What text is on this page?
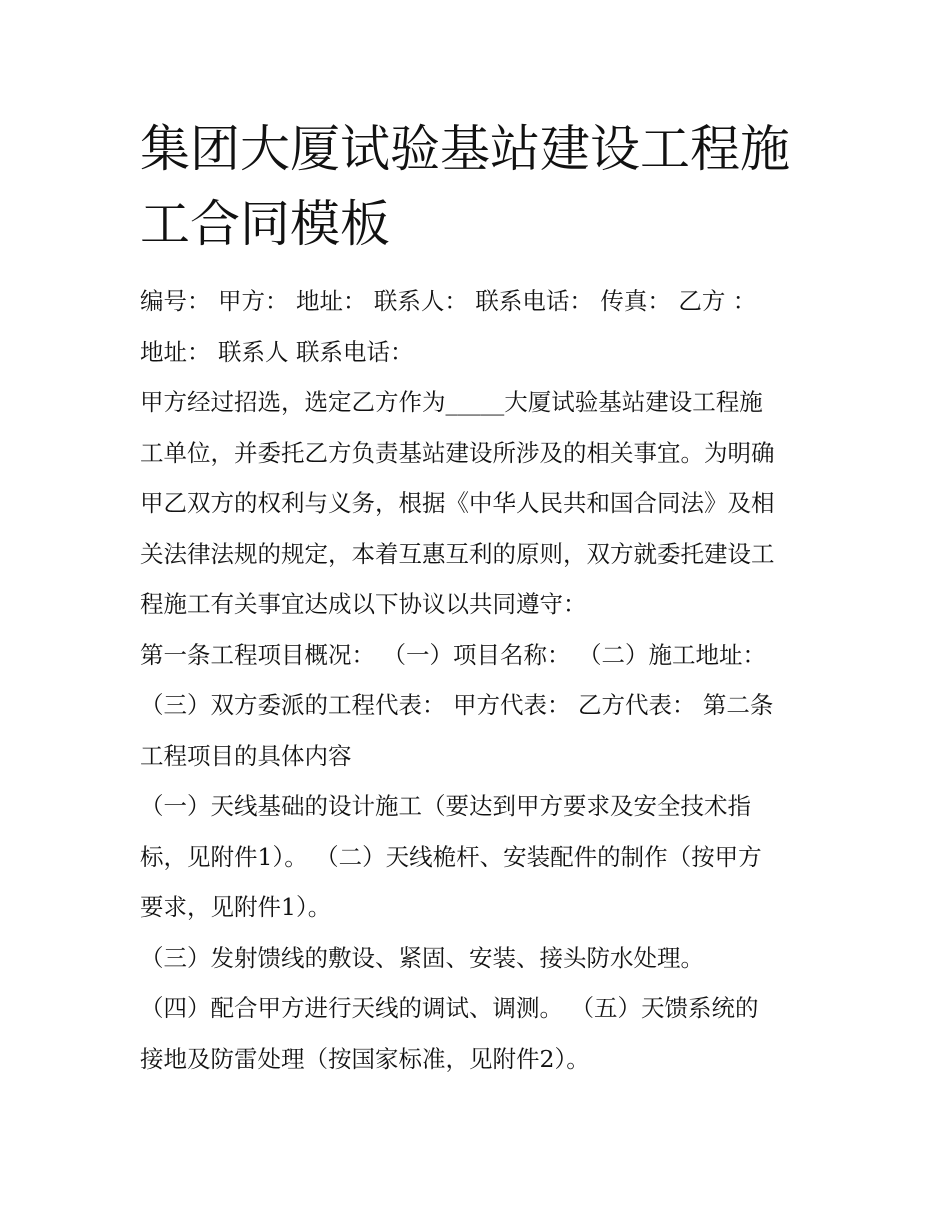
集团大厦试验基站建设工程施
工合同模板
编号： 甲方： 地址： 联系人： 联系电话： 传真： 乙方 ：
地址： 联系人 联系电话：
甲方经过招选，选定乙方作为_____大厦试验基站建设工程施
工单位，并委托乙方负责基站建设所涉及的相关事宜。为明确
甲乙双方的权利与义务，根据《中华人民共和国合同法》及相
关法律法规的规定，本着互惠互利的原则，双方就委托建设工
程施工有关事宜达成以下协议以共同遵守：
第一条工程项目概况： （一）项目名称： （二）施工地址：
（三）双方委派的工程代表： 甲方代表： 乙方代表： 第二条
工程项目的具体内容
（一）天线基础的设计施工（要达到甲方要求及安全技术指
标，见附件1）。 （二）天线桅杆、安装配件的制作（按甲方
要求，见附件1）。
（三）发射馈线的敷设、紧固、安装、接头防水处理。
（四）配合甲方进行天线的调试、调测。 （五）天馈系统的
接地及防雷处理（按国家标准，见附件2）。
